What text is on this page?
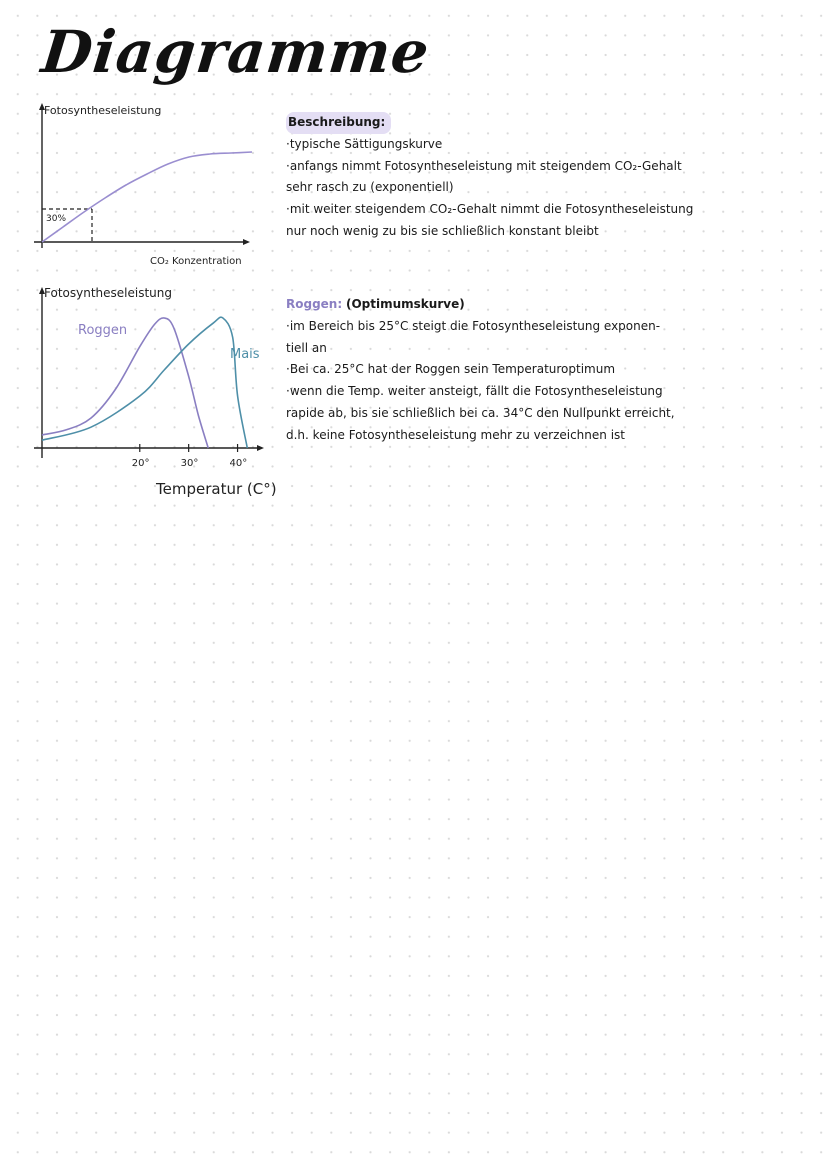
Diagramme
Fotosyntheseleistung
30%
CO₂ Konzentration
Fotosyntheseleistung
20°	30°	40°
Roggen
Mais
Temperatur (C°)
Beschreibung:
·typische Sättigungskurve
·anfangs nimmt Fotosyntheseleistung mit steigendem CO₂-Gehalt
sehr rasch zu (exponentiell)
·mit weiter steigendem CO₂-Gehalt nimmt die Fotosyntheseleistung
nur noch wenig zu bis sie schließlich konstant bleibt
Roggen: (Optimumskurve)
·im Bereich bis 25°C steigt die Fotosyntheseleistung exponen-
tiell an
·Bei ca. 25°C hat der Roggen sein Temperaturoptimum
·wenn die Temp. weiter ansteigt, fällt die Fotosyntheseleistung
rapide ab, bis sie schließlich bei ca. 34°C den Nullpunkt erreicht,
d.h. keine Fotosyntheseleistung mehr zu verzeichnen ist
